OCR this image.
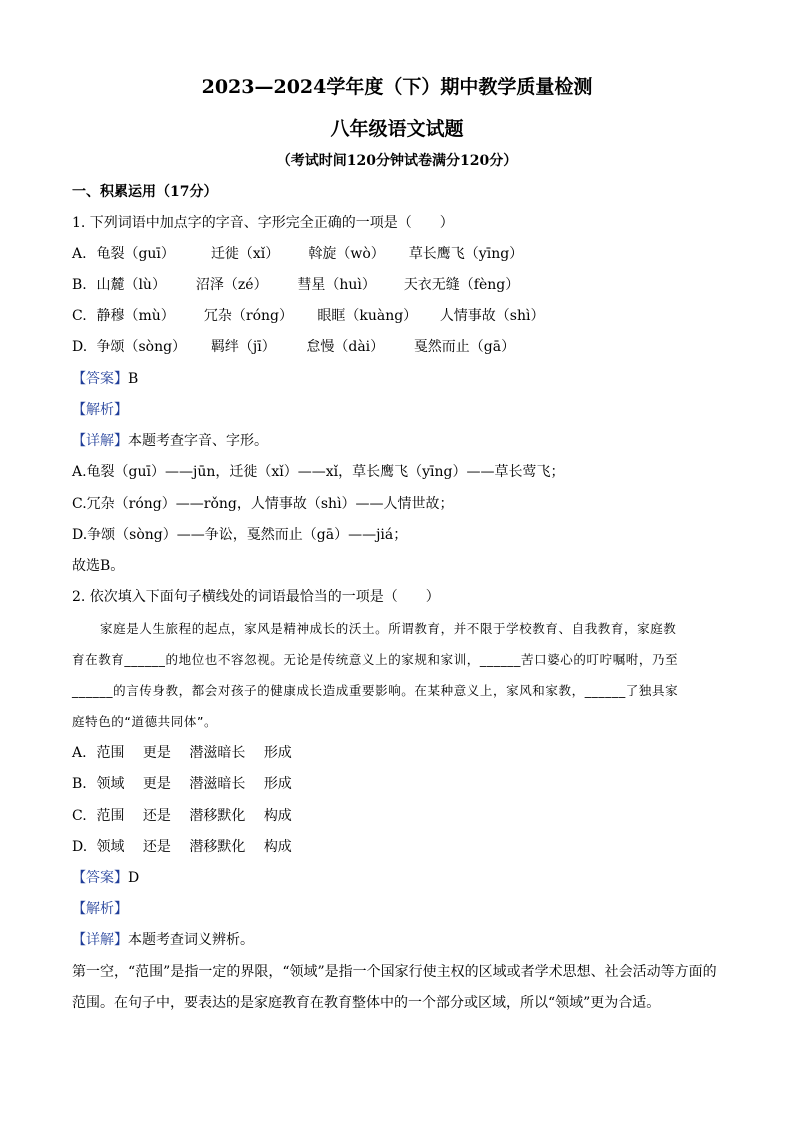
2023—2024学年度（下）期中教学质量检测
八年级语文试题
（考试时间120分钟试卷满分120分）
一、积累运用（17分）
1. 下列词语中加点字的字音、字形完全正确的一项是（　　）
A. 龟裂（guī）	迁徙（xǐ） 斡旋（wò） 草长鹰飞（yīng）
B. 山麓（lù） 沼泽（zé） 彗星（huì） 天衣无缝（fèng）
C. 静穆（mù） 冗杂（róng） 眼眶（kuàng） 人情事故（shì）
D. 争颂（sòng） 羁绊（jī） 怠慢（dài） 戛然而止（gā）
【答案】B
【解析】
【详解】本题考查字音、字形。
A.龟裂（guī）——jūn，迁徙（xǐ）——xǐ，草长鹰飞（yīng）——草长莺飞；
C.冗杂（róng）——rǒng，人情事故（shì）——人情世故；
D.争颂（sòng）——争讼，戛然而止（gā）——jiá；
故选B。
2. 依次填入下面句子横线处的词语最恰当的一项是（　　）
家庭是人生旅程的起点，家风是精神成长的沃土。所谓教育，并不限于学校教育、自我教育，家庭教
育在教育______的地位也不容忽视。无论是传统意义上的家规和家训，______苦口婆心的叮咛嘱咐，乃至
______的言传身教，都会对孩子的健康成长造成重要影响。在某种意义上，家风和家教，______了独具家
庭特色的“道德共同体”。
A. 范围 更是 潜滋暗长 形成
B. 领域 更是 潜滋暗长 形成
C. 范围 还是 潜移默化 构成
D. 领域 还是 潜移默化 构成
【答案】D
【解析】
【详解】本题考查词义辨析。
第一空，“范围”是指一定的界限，“领域”是指一个国家行使主权的区域或者学术思想、社会活动等方面的范围。在句子中，要表达的是家庭教育在教育整体中的一个部分或区域，所以“领域”更为合适。
